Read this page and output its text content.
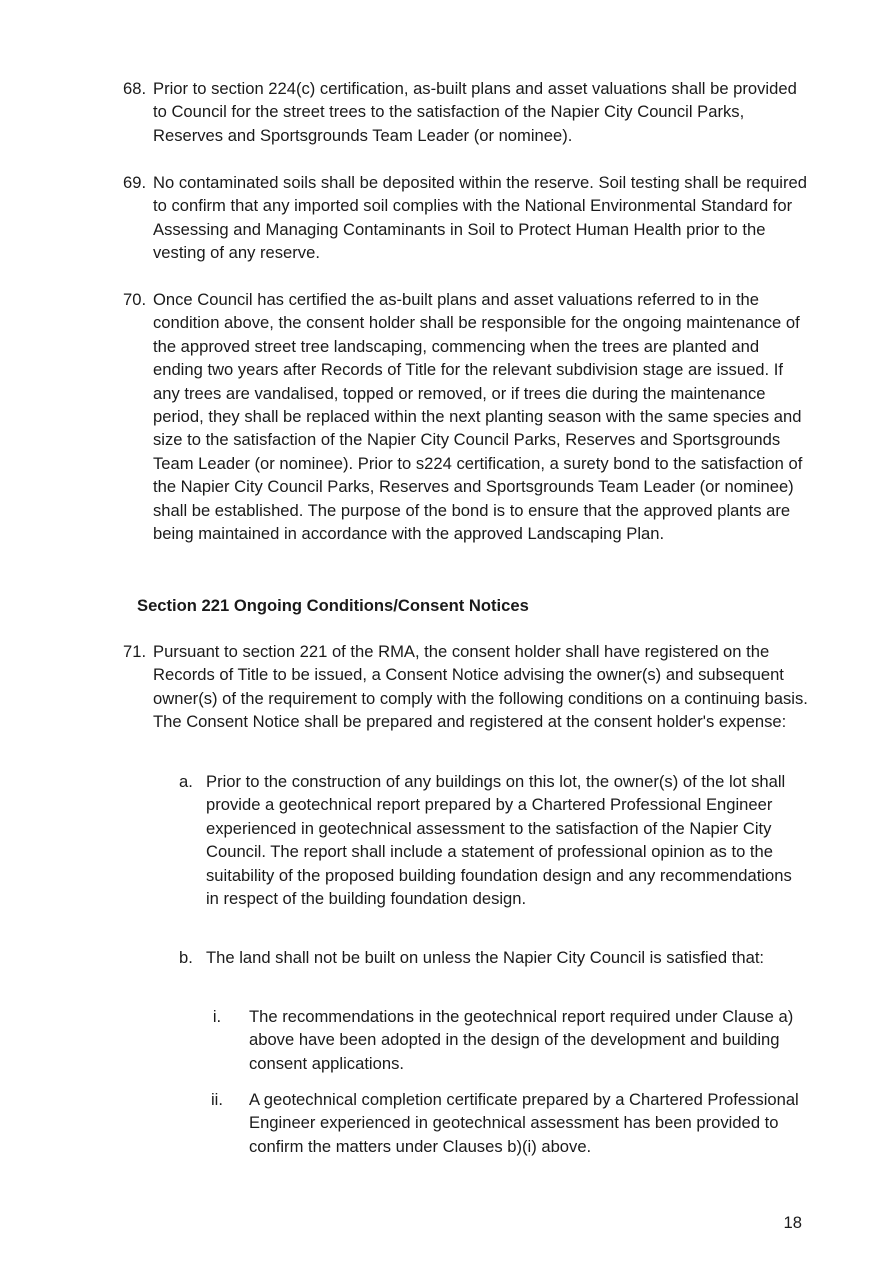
68. Prior to section 224(c) certification, as-built plans and asset valuations shall be provided to Council for the street trees to the satisfaction of the Napier City Council Parks, Reserves and Sportsgrounds Team Leader (or nominee).
69. No contaminated soils shall be deposited within the reserve. Soil testing shall be required to confirm that any imported soil complies with the National Environmental Standard for Assessing and Managing Contaminants in Soil to Protect Human Health prior to the vesting of any reserve.
70. Once Council has certified the as-built plans and asset valuations referred to in the condition above, the consent holder shall be responsible for the ongoing maintenance of the approved street tree landscaping, commencing when the trees are planted and ending two years after Records of Title for the relevant subdivision stage are issued. If any trees are vandalised, topped or removed, or if trees die during the maintenance period, they shall be replaced within the next planting season with the same species and size to the satisfaction of the Napier City Council Parks, Reserves and Sportsgrounds Team Leader (or nominee). Prior to s224 certification, a surety bond to the satisfaction of the Napier City Council Parks, Reserves and Sportsgrounds Team Leader (or nominee) shall be established. The purpose of the bond is to ensure that the approved plants are being maintained in accordance with the approved Landscaping Plan.
Section 221 Ongoing Conditions/Consent Notices
71. Pursuant to section 221 of the RMA, the consent holder shall have registered on the Records of Title to be issued, a Consent Notice advising the owner(s) and subsequent owner(s) of the requirement to comply with the following conditions on a continuing basis. The Consent Notice shall be prepared and registered at the consent holder's expense:
a. Prior to the construction of any buildings on this lot, the owner(s) of the lot shall provide a geotechnical report prepared by a Chartered Professional Engineer experienced in geotechnical assessment to the satisfaction of the Napier City Council. The report shall include a statement of professional opinion as to the suitability of the proposed building foundation design and any recommendations in respect of the building foundation design.
b. The land shall not be built on unless the Napier City Council is satisfied that:
i.	The recommendations in the geotechnical report required under Clause a) above have been adopted in the design of the development and building consent applications.
ii. A geotechnical completion certificate prepared by a Chartered Professional Engineer experienced in geotechnical assessment has been provided to confirm the matters under Clauses b)(i) above.
18
